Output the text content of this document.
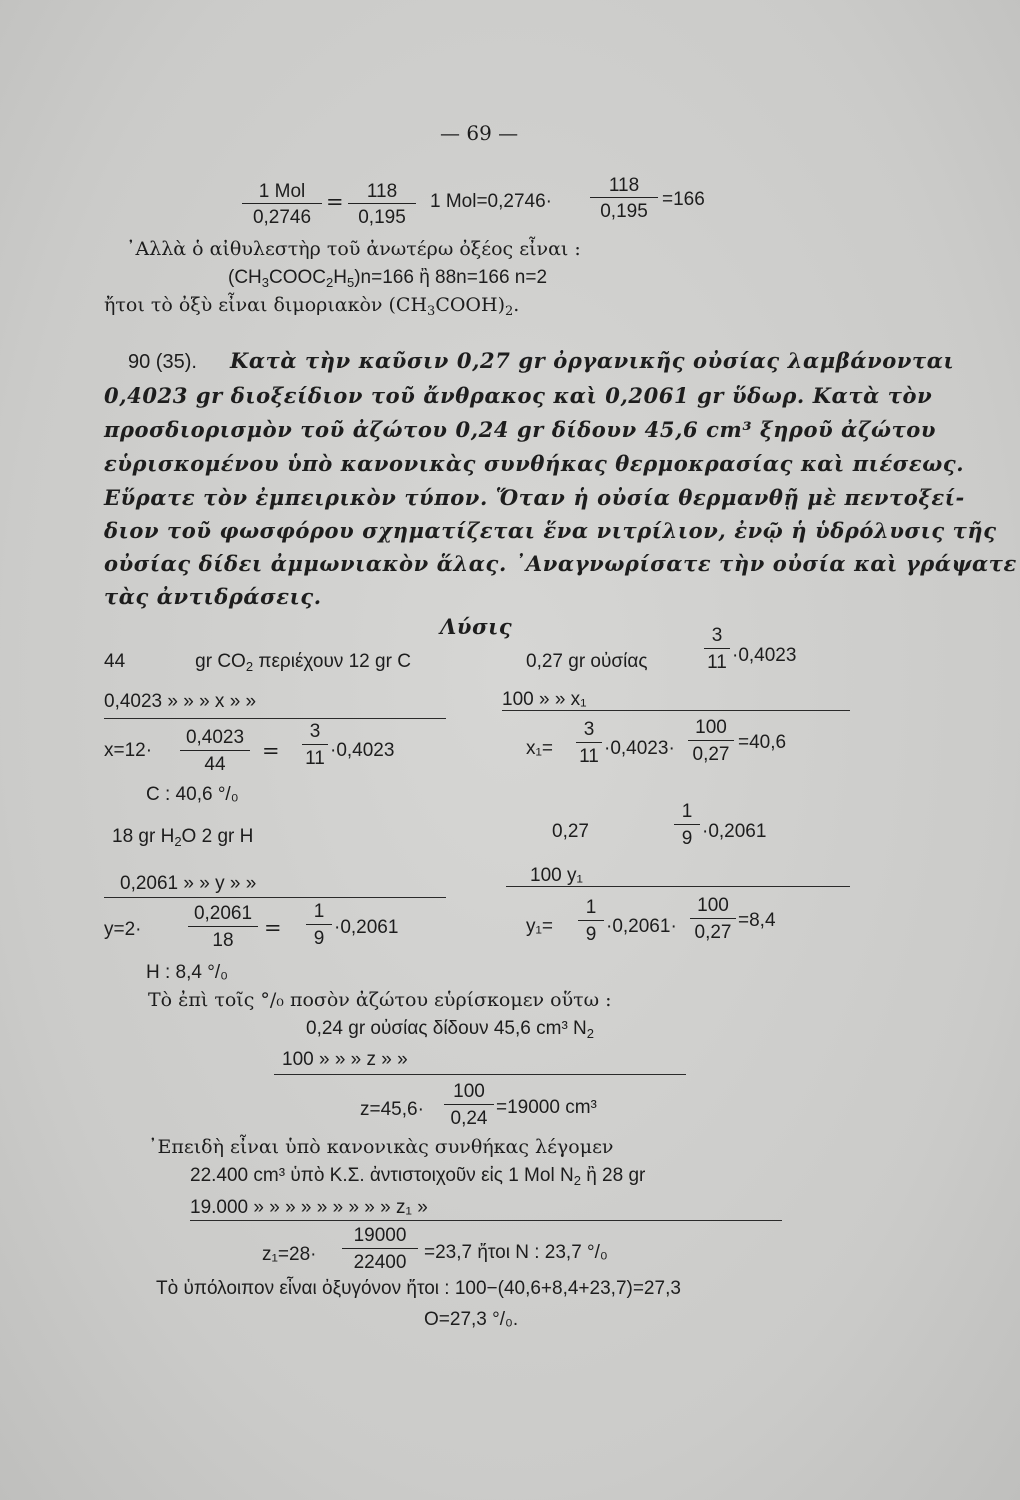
— 69 —
1 Mol
0,2746
=	118
0,195
1 Mol=0,2746·
118
0,195
=166
᾿Αλλὰ ὁ αἰθυλεστὴρ τοῦ ἀνωτέρω ὀξέος εἶναι :
$(CH_3COOC_2H_5)n=166$ ἢ 88n=166 n=2
ἤτοι τὸ ὀξὺ εἶναι διμοριακὸν $(CH_3COOH)_2$.
90 (35). Κατὰ τὴν καῦσιν 0,27 gr ὀργανικῆς οὐσίας λαμβάνονται
0,4023 gr διοξείδιον τοῦ ἄνθρακος καὶ 0,2061 gr ὕδωρ. Κατὰ τὸν
προσδιορισμὸν τοῦ ἀζώτου 0,24 gr δίδουν 45,6 cm³ ξηροῦ ἀζώτου
εὑρισκομένου ὑπὸ κανονικὰς συνθήκας θερμοκρασίας καὶ πιέσεως.
Εὕρατε τὸν ἐμπειρικὸν τύπον. Ὅταν ἡ οὐσία θερμανθῇ μὲ πεντοξεί-
διον τοῦ φωσφόρου σχηματίζεται ἕνα νιτρίλιον, ἐνῷ ἡ ὑδρόλυσις τῆς
οὐσίας δίδει ἀμμωνιακὸν ἅλας. ᾿Αναγνωρίσατε τὴν οὐσία καὶ γράψατε
τὰς ἀντιδράσεις.
Λύσις
44	gr $CO_2$ περιέχουν 12 gr C
0,4023 » » » x » »
x=12·
0,4023
44
=
3
11 ·0,4023
C : 40,6 °/₀
0,27 gr οὐσίας
3
11 ·0,4023
100 » » x₁
x₁=
3
11 ·0,4023·
100
0,27
=40,6
18 gr $H_2O$ 2 gr H
0,2061 » » y » »
y=2·
0,2061
18
=
1
9
·0,2061
H : 8,4 °/₀
0,27
1
9 ·0,2061
100 y₁
y₁=
1
9 ·0,2061·
100
0,27
=8,4
Τὸ ἐπὶ τοῖς °/₀ ποσὸν ἀζώτου εὑρίσκομεν οὕτω :
0,24 gr οὐσίας δίδουν 45,6 cm³ $N_2$
100 » » » z » »
z=45,6·
100
0,24
=19000 cm³
᾿Επειδὴ εἶναι ὑπὸ κανονικὰς συνθήκας λέγομεν
22.400 cm³ ὑπὸ Κ.Σ. ἀντιστοιχοῦν εἰς 1 Mol $N_2$ ἢ 28 gr
19.000 » » » » » » » » » z₁ »
z₁=28·
19000
22400 =23,7 ἤτοι N : 23,7 °/₀
Τὸ ὑπόλοιπον εἶναι ὀξυγόνον ἤτοι : 100−(40,6+8,4+23,7)=27,3
O=27,3 °/₀.
